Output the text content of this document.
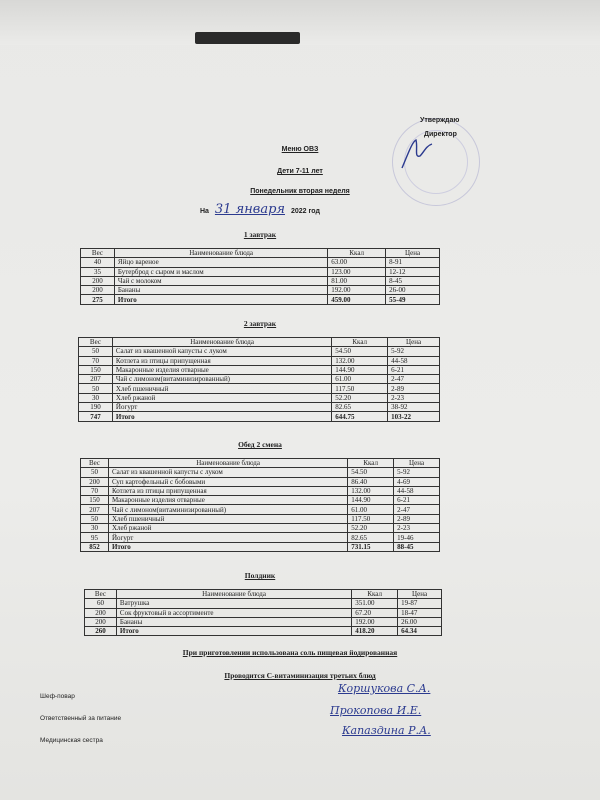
Утверждаю
Директор
Меню ОВЗ
Дети 7-11 лет
Понедельник вторая неделя
На 31 января 2022 год
1 завтрак
Вес	Наименование блюда	Ккал	Цена
40	Яйцо вареное	63.00	8-91
35	Бутерброд с сыром и маслом	123.00	12-12
200	Чай с молоком	81.00	8-45
200	Бананы	192.00	26-00
275	Итого	459.00	55-49
2 завтрак
Вес	Наименование блюда	Ккал	Цена
50	Салат из квашенной капусты с луком	54.50	5-92
70	Котлета из птицы припущенная	132.00	44-58
150	Макаронные изделия отварные	144.90	6-21
207	Чай с лимоном(витаминизированный)	61.00	2-47
50	Хлеб пшеничный	117.50	2-89
30	Хлеб ржаной	52.20	2-23
190	Йогурт	82.65	38-92
747	Итого	644.75	103-22
Обед 2 смена
Вес	Наименование блюда	Ккал	Цена
50	Салат из квашенной капусты с луком	54.50	5-92
200	Суп картофельный с бобовыми	86.40	4-69
70	Котлета из птицы припущенная	132.00	44-58
150	Макаронные изделия отварные	144.90	6-21
207	Чай с лимоном(витаминизированный)	61.00	2-47
50	Хлеб пшеничный	117.50	2-89
30	Хлеб ржаной	52.20	2-23
95	Йогурт	82.65	19-46
852	Итого	731.15	88-45
Полдник
Вес	Наименование блюда	Ккал	Цена
60	Ватрушка	351.00	19-87
200	Сок фруктовый в ассортименте	67.20	18-47
200	Бананы	192.00	26.00
260	Итого	418.20	64.34
При приготовлении использована соль пищевая йодированная
Проводится С-витаминизация третьих блюд
Шеф-повар
Ответственный за питание
Медицинская сестра
Коршукова С.А.
Прокопова И.Е.
Капаздина Р.А.
